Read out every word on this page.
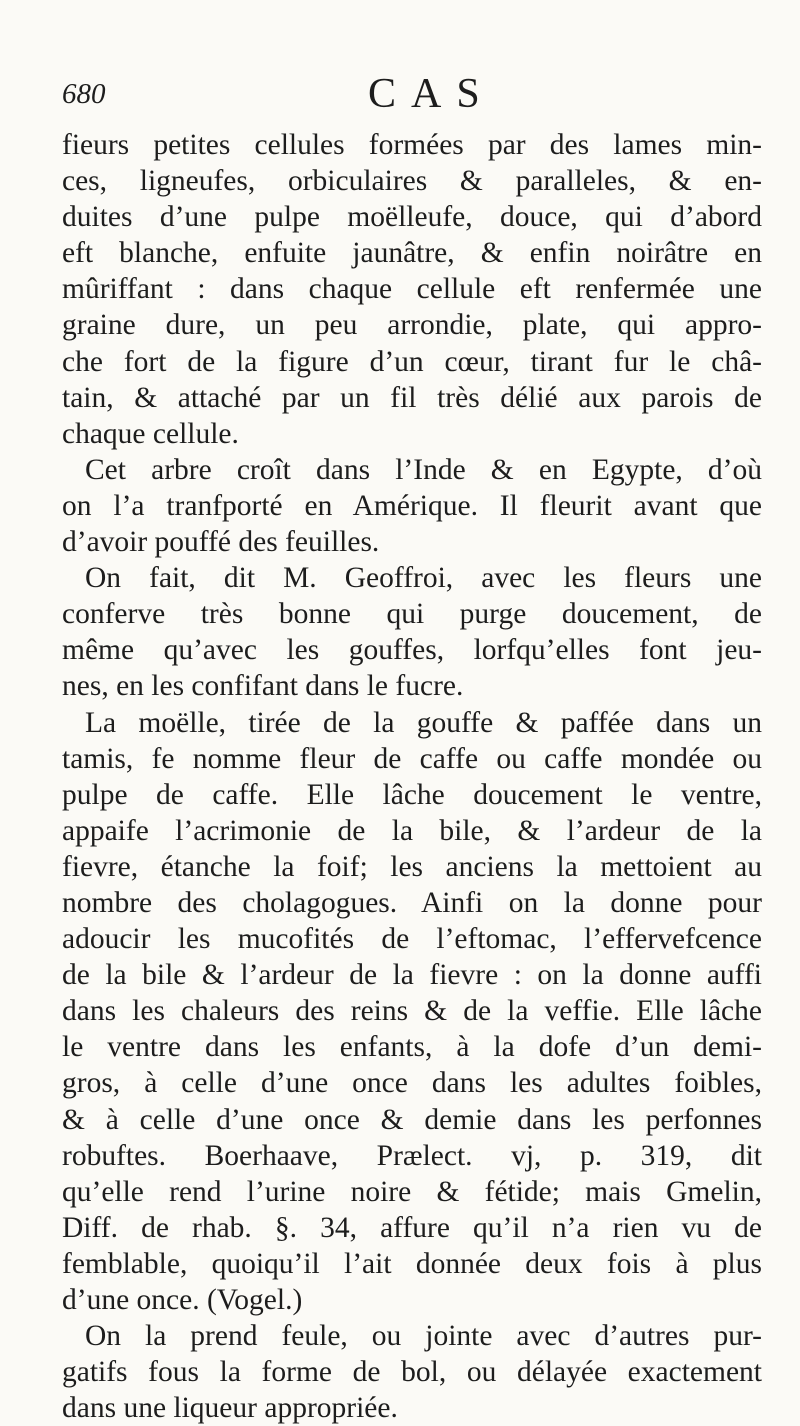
680	CAS
fieurs petites cellules formées par des lames min-
ces, ligneufes, orbiculaires & paralleles, & en-
duites d’une pulpe moëlleufe, douce, qui d’abord
eft blanche, enfuite jaunâtre, & enfin noirâtre en
mûriffant : dans chaque cellule eft renfermée une
graine dure, un peu arrondie, plate, qui appro-
che fort de la figure d’un cœur, tirant fur le châ-
tain, & attaché par un fil très délié aux parois de
chaque cellule.
Cet arbre croît dans l’Inde & en Egypte, d’où
on l’a tranfporté en Amérique. Il fleurit avant que
d’avoir pouffé des feuilles.
On fait, dit M. Geoffroi, avec les fleurs une
conferve très bonne qui purge doucement, de
même qu’avec les gouffes, lorfqu’elles font jeu-
nes, en les confifant dans le fucre.
La moëlle, tirée de la gouffe & paffée dans un
tamis, fe nomme fleur de caffe ou caffe mondée ou
pulpe de caffe. Elle lâche doucement le ventre,
appaife l’acrimonie de la bile, & l’ardeur de la
fievre, étanche la foif; les anciens la mettoient au
nombre des cholagogues. Ainfi on la donne pour
adoucir les mucofités de l’eftomac, l’effervefcence
de la bile & l’ardeur de la fievre : on la donne auffi
dans les chaleurs des reins & de la veffie. Elle lâche
le ventre dans les enfants, à la dofe d’un demi-
gros, à celle d’une once dans les adultes foibles,
& à celle d’une once & demie dans les perfonnes
robuftes. Boerhaave, Prælect. vj, p. 319, dit
qu’elle rend l’urine noire & fétide; mais Gmelin,
Diff. de rhab. §. 34, affure qu’il n’a rien vu de
femblable, quoiqu’il l’ait donnée deux fois à plus
d’une once. (Vogel.)
On la prend feule, ou jointe avec d’autres pur-
gatifs fous la forme de bol, ou délayée exactement
dans une liqueur appropriée.
